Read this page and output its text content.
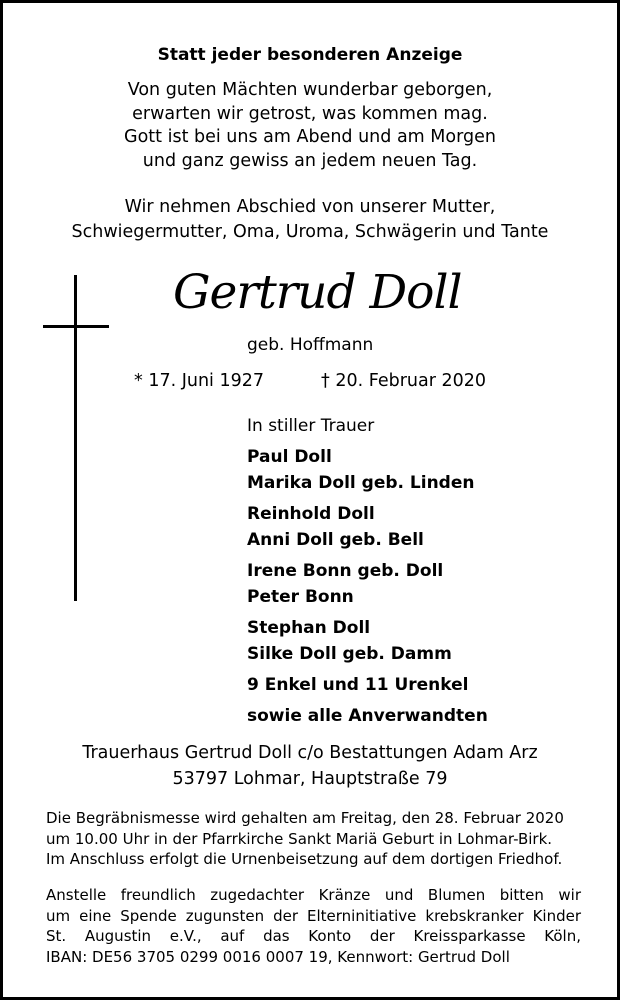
Statt jeder besonderen Anzeige
Von guten Mächten wunderbar geborgen,
erwarten wir getrost, was kommen mag.
Gott ist bei uns am Abend und am Morgen
und ganz gewiss an jedem neuen Tag.
Wir nehmen Abschied von unserer Mutter,
Schwiegermutter, Oma, Uroma, Schwägerin und Tante
Gertrud Doll
geb. Hoffmann
* 17. Juni 1927	† 20. Februar 2020
In stiller Trauer
Paul Doll
Marika Doll geb. Linden
Reinhold Doll
Anni Doll geb. Bell
Irene Bonn geb. Doll
Peter Bonn
Stephan Doll
Silke Doll geb. Damm
9 Enkel und 11 Urenkel
sowie alle Anverwandten
Trauerhaus Gertrud Doll c/o Bestattungen Adam Arz
53797 Lohmar, Hauptstraße 79
Die Begräbnismesse wird gehalten am Freitag, den 28. Februar 2020
um 10.00 Uhr in der Pfarrkirche Sankt Mariä Geburt in Lohmar-Birk.
Im Anschluss erfolgt die Urnenbeisetzung auf dem dortigen Friedhof.
Anstelle freundlich zugedachter Kränze und Blumen bitten wir
um eine Spende zugunsten der Elterninitiative krebskranker Kinder
St. Augustin e.V., auf das Konto der Kreissparkasse Köln,
IBAN: DE56 3705 0299 0016 0007 19, Kennwort: Gertrud Doll
